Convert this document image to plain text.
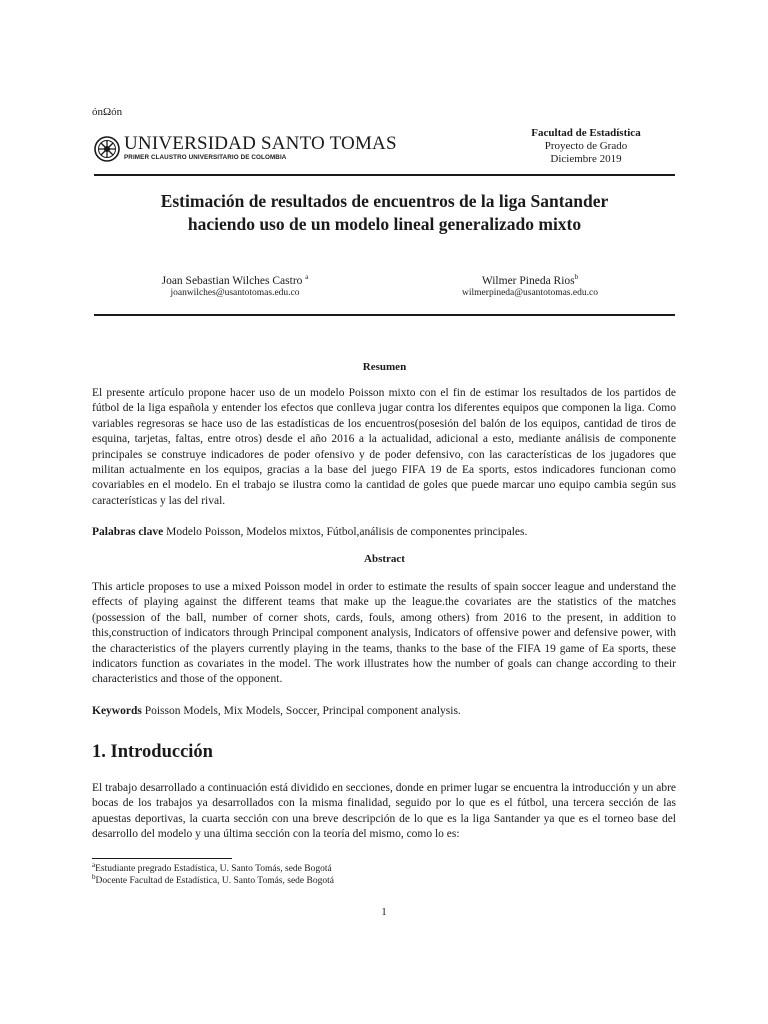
ónΩón
UNIVERSIDAD SANTO TOMAS
PRIMER CLAUSTRO UNIVERSITARIO DE COLOMBIA
Facultad de Estadística
Proyecto de Grado
Diciembre 2019
Estimación de resultados de encuentros de la liga Santander
haciendo uso de un modelo lineal generalizado mixto
Joan Sebastian Wilches Castro $^a$
joanwilches@usantotomas.edu.co
Wilmer Pineda Rios$^b$
wilmerpineda@usantotomas.edu.co
Resumen
El presente artículo propone hacer uso de un modelo Poisson mixto con el fin de estimar los resultados de los partidos de fútbol de la liga española y entender los efectos que conlleva jugar contra los diferentes equipos que componen la liga. Como variables regresoras se hace uso de las estadísticas de los encuentros(posesión del balón de los equipos, cantidad de tiros de esquina, tarjetas, faltas, entre otros) desde el año 2016 a la actualidad, adicional a esto, mediante análisis de componente principales se construye indicadores de poder ofensivo y de poder defensivo, con las características de los jugadores que militan actualmente en los equipos, gracias a la base del juego FIFA 19 de Ea sports, estos indicadores funcionan como covariables en el modelo. En el trabajo se ilustra como la cantidad de goles que puede marcar uno equipo cambia según sus características y las del rival.
Palabras clave Modelo Poisson, Modelos mixtos, Fútbol,análisis de componentes principales.
Abstract
This article proposes to use a mixed Poisson model in order to estimate the results of spain soccer league and understand the effects of playing against the different teams that make up the league.the covariates are the statistics of the matches (possession of the ball, number of corner shots, cards, fouls, among others) from 2016 to the present, in addition to this,construction of indicators through Principal component analysis, Indicators of offensive power and defensive power, with the characteristics of the players currently playing in the teams, thanks to the base of the FIFA 19 game of Ea sports, these indicators function as covariates in the model. The work illustrates how the number of goals can change according to their characteristics and those of the opponent.
Keywords Poisson Models, Mix Models, Soccer, Principal component analysis.
1. Introducción
El trabajo desarrollado a continuación está dividido en secciones, donde en primer lugar se encuentra la introducción y un abre bocas de los trabajos ya desarrollados con la misma finalidad, seguido por lo que es el fútbol, una tercera sección de las apuestas deportivas, la cuarta sección con una breve descripción de lo que es la liga Santander ya que es el torneo base del desarrollo del modelo y una última sección con la teoría del mismo, como lo es:
$^a$Estudiante pregrado Estadística, U. Santo Tomás, sede Bogotá
$^b$Docente Facultad de Estadística, U. Santo Tomás, sede Bogotá
1
